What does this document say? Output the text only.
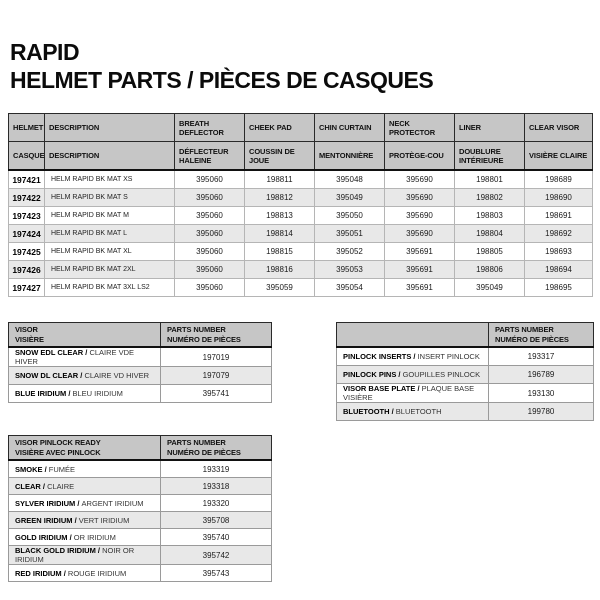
RAPID
HELMET PARTS / PIÈCES DE CASQUES
HELMET	DESCRIPTION	BREATH DEFLECTOR	CHEEK PAD	CHIN CURTAIN	NECK PROTECTOR	LINER	CLEAR VISOR
CASQUE	DESCRIPTION	DÉFLECTEUR HALEINE	COUSSIN DE JOUE	MENTONNIÈRE	PROTÈGE-COU	DOUBLURE INTÉRIEURE	VISIÈRE CLAIRE
197421	HELM RAPID BK MAT XS	395060	198811	395048	395690	198801	198689
197422	HELM RAPID BK MAT S	395060	198812	395049	395690	198802	198690
197423	HELM RAPID BK MAT M	395060	198813	395050	395690	198803	198691
197424	HELM RAPID BK MAT L	395060	198814	395051	395690	198804	198692
197425	HELM RAPID BK MAT XL	395060	198815	395052	395691	198805	198693
197426	HELM RAPID BK MAT 2XL	395060	198816	395053	395691	198806	198694
197427	HELM RAPID BK MAT 3XL LS2	395060	395059	395054	395691	395049	198695
VISOR
VISIÈRE

PARTS NUMBER
NUMÉRO DE PIÈCES

SNOW EDL CLEAR / CLAIRE VDE HIVER	197019
SNOW DL CLEAR / CLAIRE VD HIVER	197079
BLUE IRIDIUM / BLEU IRIDIUM	395741

	PARTS NUMBER
NUMÉRO DE PIÈCES

PINLOCK INSERTS / INSERT PINLOCK	193317
PINLOCK PINS / GOUPILLES PINLOCK	196789
VISOR BASE PLATE / PLAQUE BASE VISIÈRE	193130
BLUETOOTH / BLUETOOTH	199780
VISOR PINLOCK READY
VISIÈRE AVEC PINLOCK

PARTS NUMBER
NUMÉRO DE PIÈCES

SMOKE / FUMÉE	193319
CLEAR / CLAIRE	193318
SYLVER IRIDIUM / ARGENT IRIDIUM	193320
GREEN IRIDIUM / VERT IRIDIUM	395708
GOLD IRIDIUM / OR IRIDIUM	395740
BLACK GOLD IRIDIUM / NOIR OR IRIDIUM	395742
RED IRIDIUM / ROUGE IRIDIUM	395743
